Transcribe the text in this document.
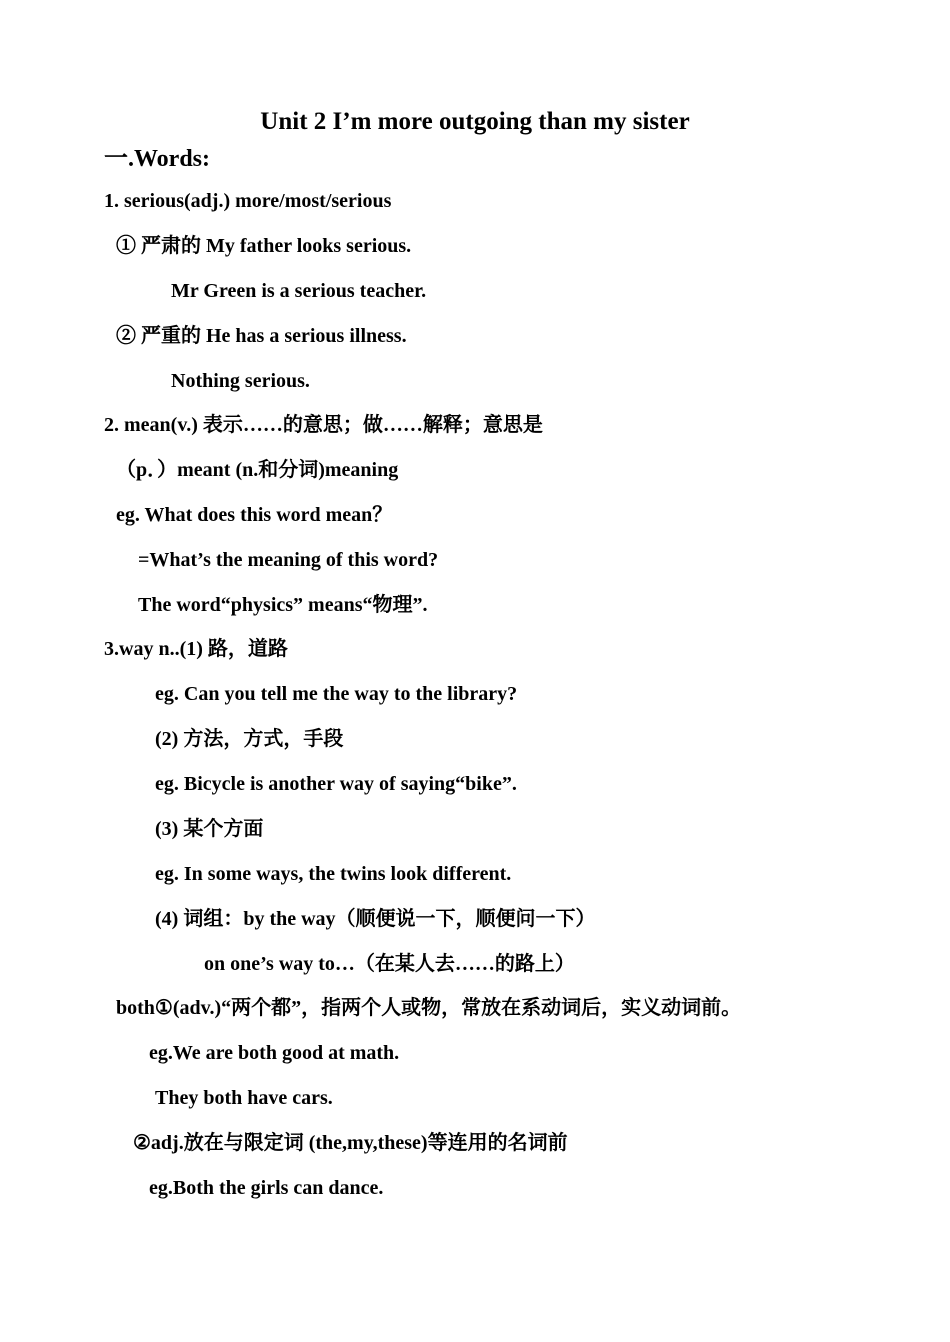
Unit 2 I’m more outgoing than my sister
一.Words:
1. serious(adj.) more/most/serious
① 严肃的 My father looks serious.
Mr Green is a serious teacher.
② 严重的 He has a serious illness.
Nothing serious.
2. mean(v.) 表示……的意思；做……解释；意思是
（p．）meant (n.和分词)meaning
eg. What does this word mean？
=What’s the meaning of this word?
The word“physics” means“物理”.
3.way n..(1) 路，道路
eg. Can you tell me the way to the library?
(2) 方法，方式，手段
eg. Bicycle is another way of saying“bike”.
(3) 某个方面
eg. In some ways, the twins look different.
(4) 词组：by the way（顺便说一下，顺便问一下）
on one’s way to…（在某人去……的路上）
both①(adv.)“两个都”，指两个人或物，常放在系动词后，实义动词前。
eg.We are both good at math.
They both have cars.
②adj.放在与限定词 (the,my,these)等连用的名词前
eg.Both the girls can dance.
